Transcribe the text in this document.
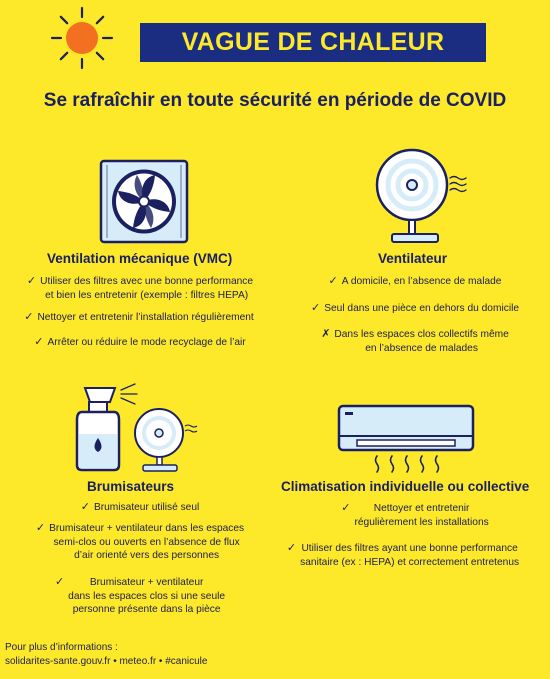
VAGUE DE CHALEUR
Se rafraîchir en toute sécurité en période de COVID
Ventilation mécanique (VMC)
✓ Utiliser des filtres avec une bonne performance
et bien les entretenir (exemple : filtres HEPA)
✓ Nettoyer et entretenir l’installation régulièrement
✓ Arrêter ou réduire le mode recyclage de l’air
Ventilateur
✓ A domicile, en l’absence de malade
✓ Seul dans une pièce en dehors du domicile
✗ Dans les espaces clos collectifs même
en l’absence de malades
Brumisateurs
✓ Brumisateur utilisé seul
✓ Brumisateur + ventilateur dans les espaces
semi-clos ou ouverts en l’absence de flux
d’air orienté vers des personnes
✓	Brumisateur + ventilateur
dans les espaces clos si une seule
personne présente dans la pièce
Climatisation individuelle ou collective
✓	Nettoyer et entretenir
régulièrement les installations
✓ Utiliser des filtres ayant une bonne performance
sanitaire (ex : HEPA) et correctement entretenus
Pour plus d’informations :
solidarites-sante.gouv.fr • meteo.fr • #canicule
